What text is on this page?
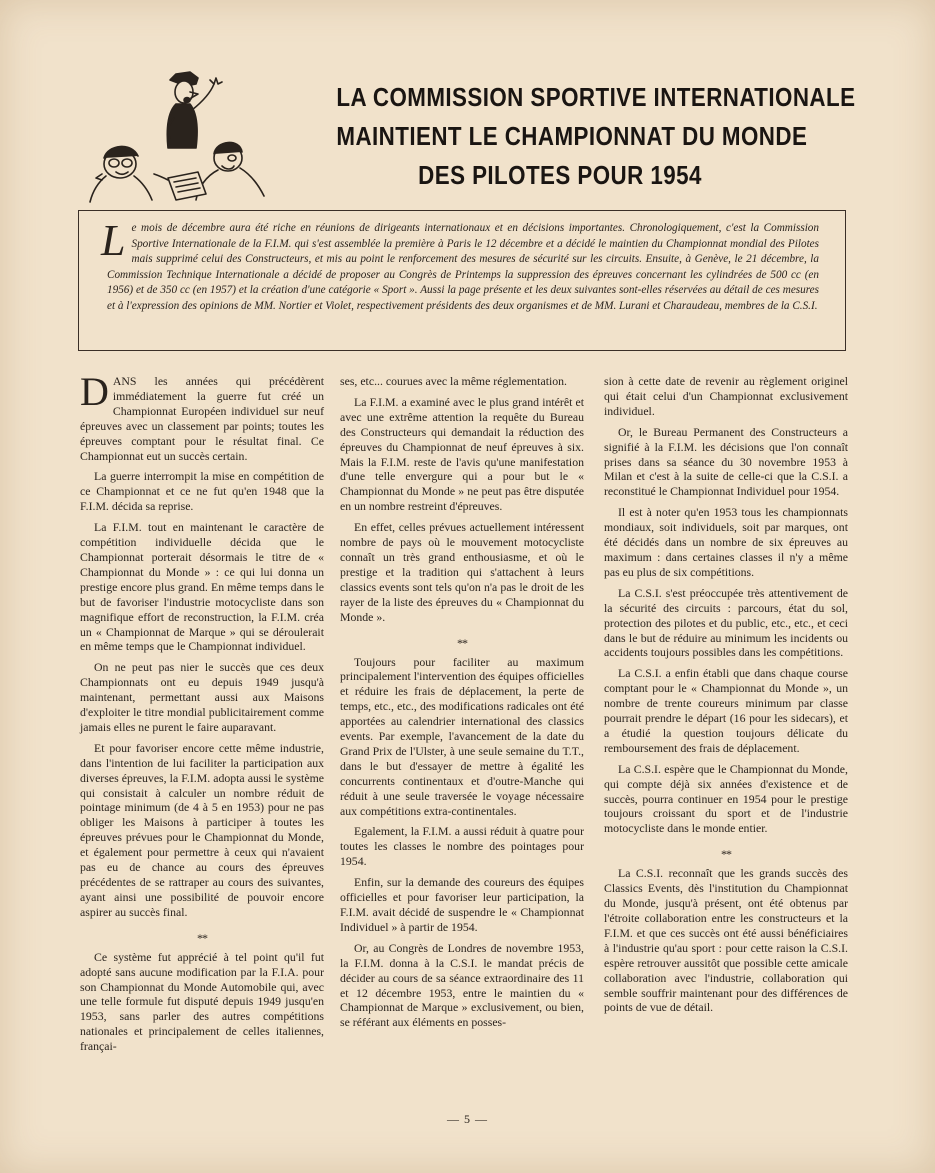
LA COMMISSION SPORTIVE INTERNATIONALE
MAINTIENT LE CHAMPIONNAT DU MONDE
DES PILOTES POUR 1954
Le mois de décembre aura été riche en réunions de dirigeants internationaux et en décisions importantes. Chronologiquement, c'est la Commission Sportive Internationale de la F.I.M. qui s'est assemblée la première à Paris le 12 décembre et a décidé le maintien du Championnat mondial des Pilotes mais supprimé celui des Constructeurs, et mis au point le renforcement des mesures de sécurité sur les circuits. Ensuite, à Genève, le 21 décembre, la Commission Technique Internationale a décidé de proposer au Congrès de Printemps la suppression des épreuves concernant les cylindrées de 500 cc (en 1956) et de 350 cc (en 1957) et la création d'une catégorie « Sport ». Aussi la page présente et les deux suivantes sont-elles réservées au détail de ces mesures et à l'expression des opinions de MM. Nortier et Violet, respectivement présidents des deux organismes et de MM. Lurani et Charaudeau, membres de la C.S.I.

DANS les années qui précédèrent immédiatement la guerre fut créé un Championnat Européen individuel sur neuf épreuves avec un classement par points; toutes les épreuves comptant pour le résultat final. Ce Championnat eut un succès certain.

La guerre interrompit la mise en compétition de ce Championnat et ce ne fut qu'en 1948 que la F.I.M. décida sa reprise.

La F.I.M. tout en maintenant le caractère de compétition individuelle décida que le Championnat porterait désormais le titre de « Championnat du Monde » : ce qui lui donna un prestige encore plus grand. En même temps dans le but de favoriser l'industrie motocycliste dans son magnifique effort de reconstruction, la F.I.M. créa un « Championnat de Marque » qui se déroulerait en même temps que le Championnat individuel.

On ne peut pas nier le succès que ces deux Championnats ont eu depuis 1949 jusqu'à maintenant, permettant aussi aux Maisons d'exploiter le titre mondial publicitairement comme jamais elles ne purent le faire auparavant.

Et pour favoriser encore cette même industrie, dans l'intention de lui faciliter la participation aux diverses épreuves, la F.I.M. adopta aussi le système qui consistait à calculer un nombre réduit de pointage minimum (de 4 à 5 en 1953) pour ne pas obliger les Maisons à participer à toutes les épreuves prévues pour le Championnat du Monde, et également pour permettre à ceux qui n'avaient pas eu de chance au cours des épreuves précédentes de se rattraper au cours des suivantes, ayant ainsi une possibilité de pouvoir encore aspirer au succès final.

**

Ce système fut apprécié à tel point qu'il fut adopté sans aucune modification par la F.I.A. pour son Championnat du Monde Automobile qui, avec une telle formule fut disputé depuis 1949 jusqu'en 1953, sans parler des autres compétitions nationales et principalement de celles italiennes, françai-

ses, etc... courues avec la même réglementation.

La F.I.M. a examiné avec le plus grand intérêt et avec une extrême attention la requête du Bureau des Constructeurs qui demandait la réduction des épreuves du Championnat de neuf épreuves à six. Mais la F.I.M. reste de l'avis qu'une manifestation d'une telle envergure qui a pour but le « Championnat du Monde » ne peut pas être disputée en un nombre restreint d'épreuves.

En effet, celles prévues actuellement intéressent nombre de pays où le mouvement motocycliste connaît un très grand enthousiasme, et où le prestige et la tradition qui s'attachent à leurs classics events sont tels qu'on n'a pas le droit de les rayer de la liste des épreuves du « Championnat du Monde ».

**

Toujours pour faciliter au maximum principalement l'intervention des équipes officielles et réduire les frais de déplacement, la perte de temps, etc., etc., des modifications radicales ont été apportées au calendrier international des classics events. Par exemple, l'avancement de la date du Grand Prix de l'Ulster, à une seule semaine du T.T., dans le but d'essayer de mettre à égalité les concurrents continentaux et d'outre-Manche qui réduit à une seule traversée le voyage nécessaire aux compétitions extra-continentales.

Egalement, la F.I.M. a aussi réduit à quatre pour toutes les classes le nombre des pointages pour 1954.

Enfin, sur la demande des coureurs des équipes officielles et pour favoriser leur participation, la F.I.M. avait décidé de suspendre le « Championnat Individuel » à partir de 1954.

Or, au Congrès de Londres de novembre 1953, la F.I.M. donna à la C.S.I. le mandat précis de décider au cours de sa séance extraordinaire des 11 et 12 décembre 1953, entre le maintien du « Championnat de Marque » exclusivement, ou bien, se référant aux éléments en posses-

sion à cette date de revenir au règlement originel qui était celui d'un Championnat exclusivement individuel.

Or, le Bureau Permanent des Constructeurs a signifié à la F.I.M. les décisions que l'on connaît prises dans sa séance du 30 novembre 1953 à Milan et c'est à la suite de celle-ci que la C.S.I. a reconstitué le Championnat Individuel pour 1954.

Il est à noter qu'en 1953 tous les championnats mondiaux, soit individuels, soit par marques, ont été décidés dans un nombre de six épreuves au maximum : dans certaines classes il n'y a même pas eu plus de six compétitions.

La C.S.I. s'est préoccupée très attentivement de la sécurité des circuits : parcours, état du sol, protection des pilotes et du public, etc., etc., et ceci dans le but de réduire au minimum les incidents ou accidents toujours possibles dans les compétitions.

La C.S.I. a enfin établi que dans chaque course comptant pour le « Championnat du Monde », un nombre de trente coureurs minimum par classe pourrait prendre le départ (16 pour les sidecars), et a étudié la question toujours délicate du remboursement des frais de déplacement.

La C.S.I. espère que le Championnat du Monde, qui compte déjà six années d'existence et de succès, pourra continuer en 1954 pour le prestige toujours croissant du sport et de l'industrie motocycliste dans le monde entier.

**

La C.S.I. reconnaît que les grands succès des Classics Events, dès l'institution du Championnat du Monde, jusqu'à présent, ont été obtenus par l'étroite collaboration entre les constructeurs et la F.I.M. et que ces succès ont été aussi bénéficiaires à l'industrie qu'au sport : pour cette raison la C.S.I. espère retrouver aussitôt que possible cette amicale collaboration avec l'industrie, collaboration qui semble souffrir maintenant pour des différences de points de vue de détail.

— 5 —
